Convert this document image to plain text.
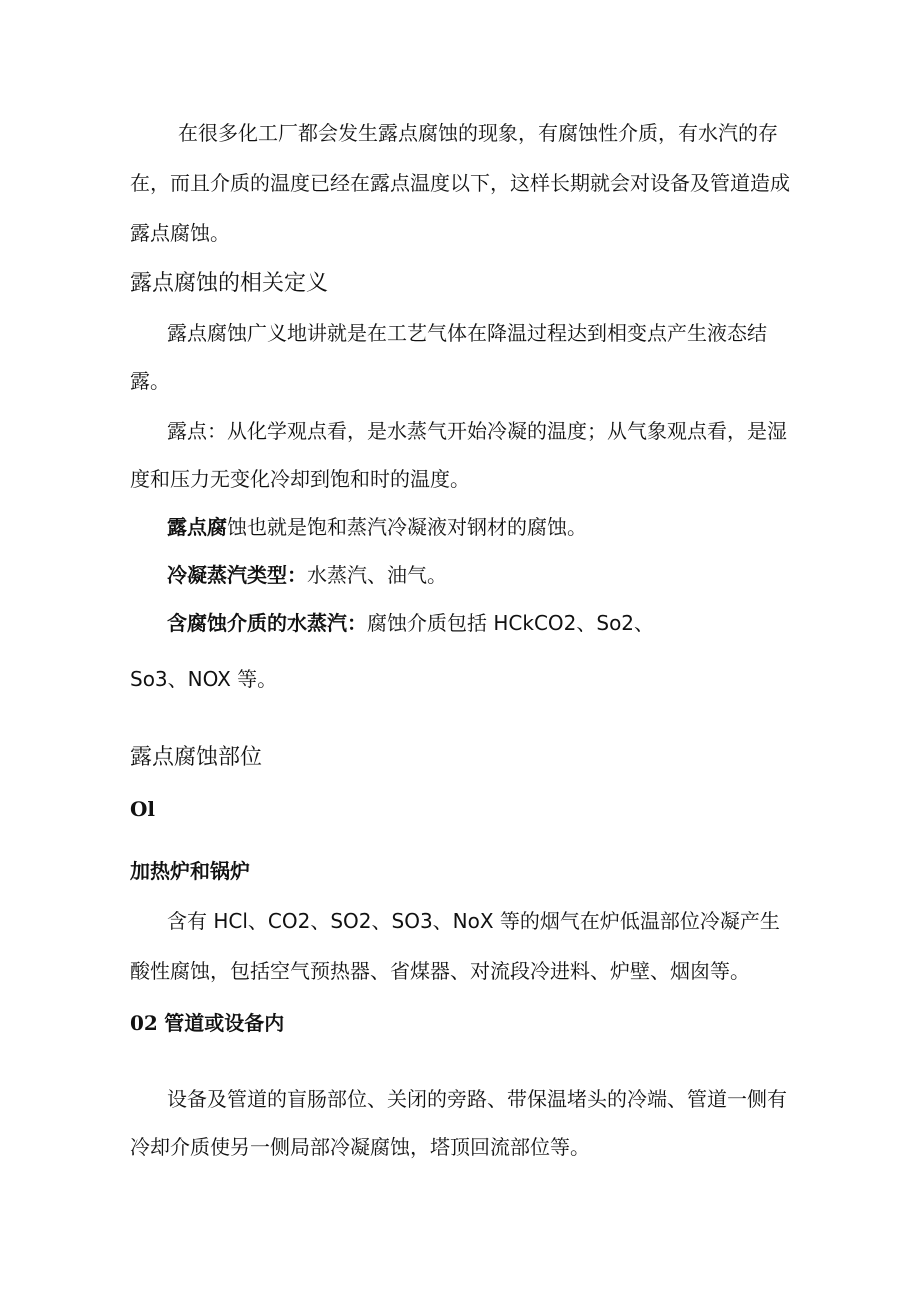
在很多化工厂都会发生露点腐蚀的现象，有腐蚀性介质，有水汽的存
在，而且介质的温度已经在露点温度以下，这样长期就会对设备及管道造成
露点腐蚀。
露点腐蚀的相关定义
露点腐蚀广义地讲就是在工艺气体在降温过程达到相变点产生液态结
露。
露点：从化学观点看，是水蒸气开始冷凝的温度；从气象观点看，是湿
度和压力无变化冷却到饱和时的温度。
露点腐蚀也就是饱和蒸汽冷凝液对钢材的腐蚀。
冷凝蒸汽类型：水蒸汽、油气。
含腐蚀介质的水蒸汽：腐蚀介质包括 HCkCO2、So2、
So3、NOX 等。
露点腐蚀部位
Ol
加热炉和锅炉
含有 HCl、CO2、SO2、SO3、NoX 等的烟气在炉低温部位冷凝产生
酸性腐蚀，包括空气预热器、省煤器、对流段冷进料、炉壁、烟囱等。
02 管道或设备内
设备及管道的盲肠部位、关闭的旁路、带保温堵头的冷端、管道一侧有
冷却介质使另一侧局部冷凝腐蚀，塔顶回流部位等。
